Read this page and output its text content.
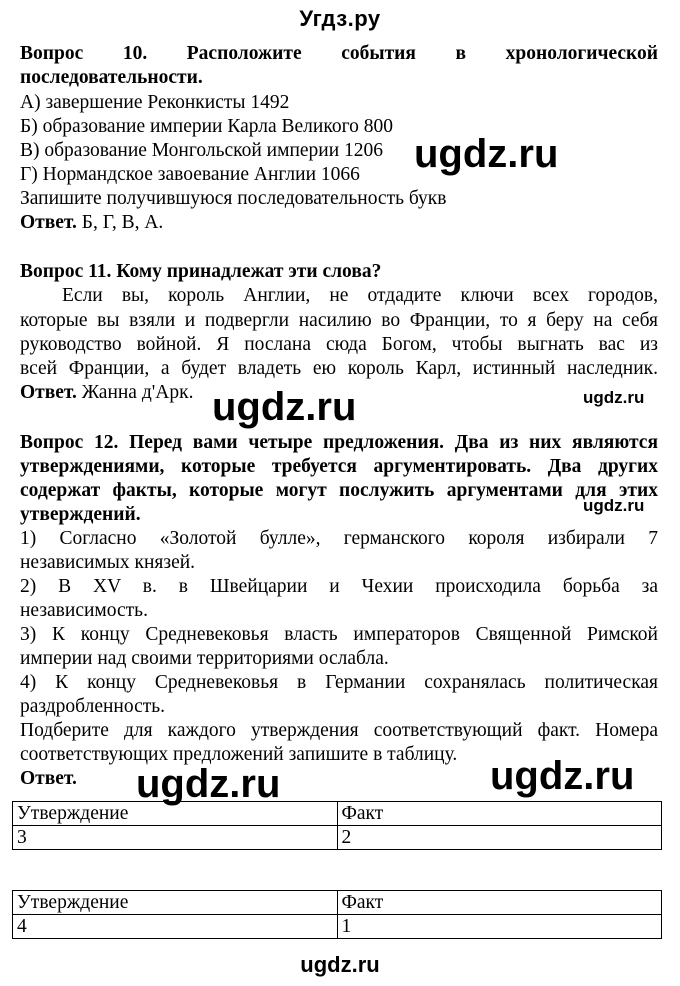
Угдз.ру
Вопрос 10. Расположите события в хронологической
последовательности.
А) завершение Реконкисты 1492
Б) образование империи Карла Великого 800
В) образование Монгольской империи 1206
Г) Нормандское завоевание Англии 1066
Запишите получившуюся последовательность букв
Ответ. Б, Г, В, А.
Вопрос 11. Кому принадлежат эти слова?
Если вы, король Англии, не отдадите ключи всех городов,
которые вы взяли и подвергли насилию во Франции, то я беру на себя
руководство войной. Я послана сюда Богом, чтобы выгнать вас из
всей Франции, а будет владеть ею король Карл, истинный наследник.
Ответ. Жанна д'Арк.
Вопрос 12. Перед вами четыре предложения. Два из них являются
утверждениями, которые требуется аргументировать. Два других
содержат факты, которые могут послужить аргументами для этих
утверждений.
1) Согласно «Золотой булле», германского короля избирали 7
независимых князей.
2) В XV в. в Швейцарии и Чехии происходила борьба за
независимость.
3) К концу Средневековья власть императоров Священной Римской
империи над своими территориями ослабла.
4) К концу Средневековья в Германии сохранялась политическая
раздробленность.
Подберите для каждого утверждения соответствующий факт. Номера
соответствующих предложений запишите в таблицу.
Ответ.
Утверждение	Факт
3	2
Утверждение	Факт
4	1
ugdz.ru
ugdz.ru	ugdz.ru
ugdz.ru
ugdz.ru	ugdz.ru
ugdz.ru
